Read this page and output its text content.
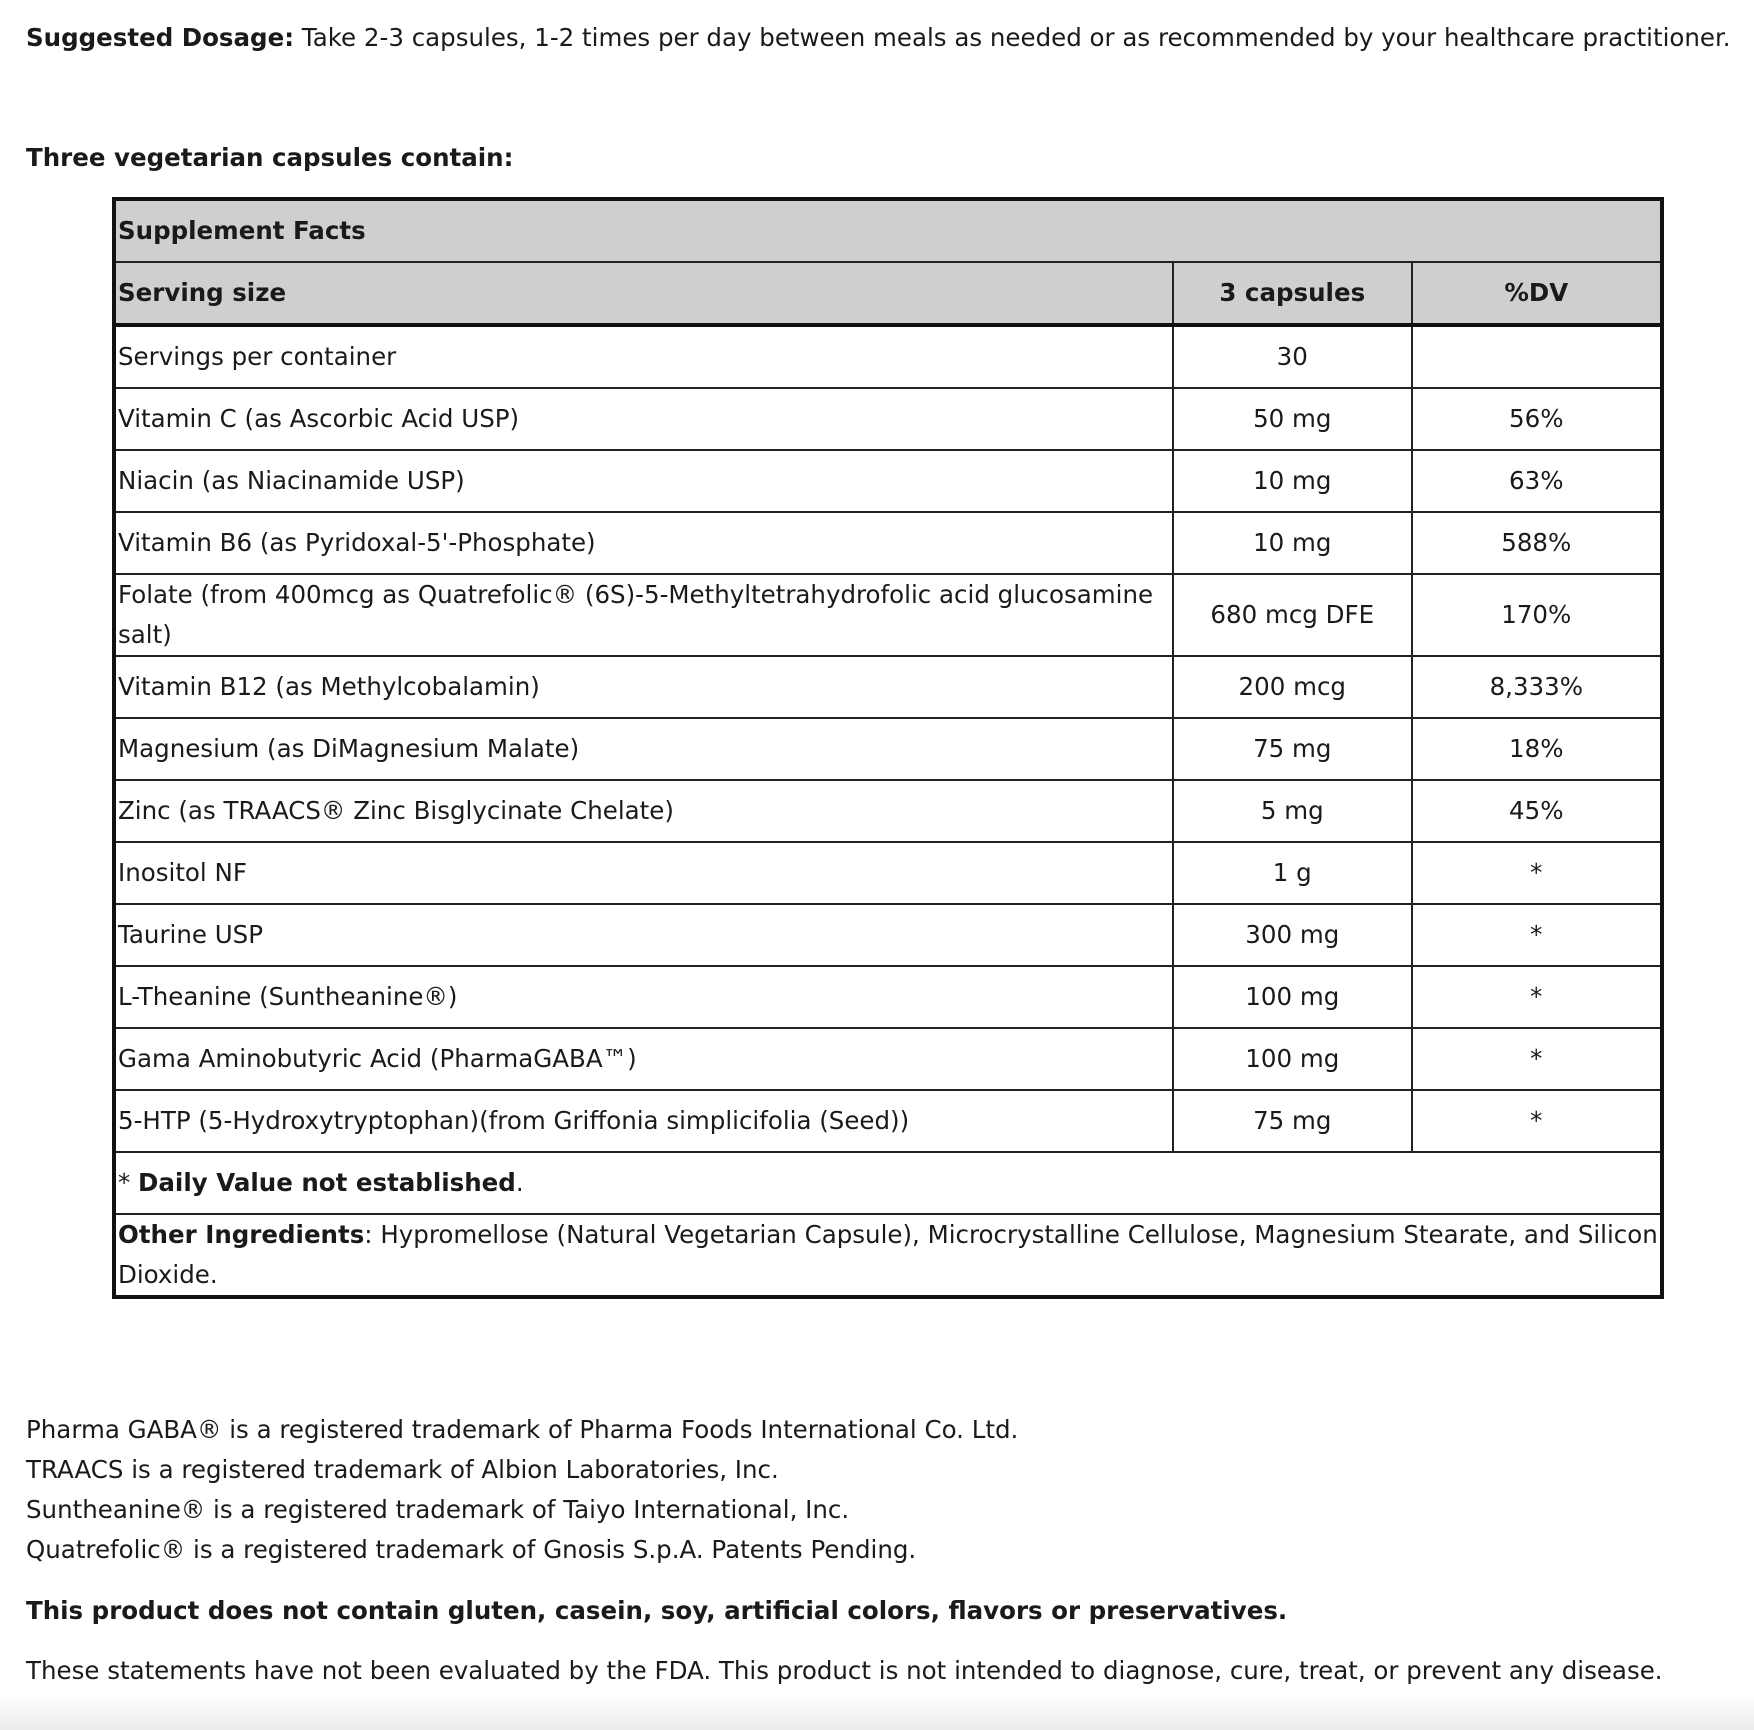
Suggested Dosage: Take 2-3 capsules, 1-2 times per day between meals as needed or as recommended by your healthcare practitioner.
Three vegetarian capsules contain:
Supplement Facts		
Serving size	3 capsules	%DV
Servings per container	30	
Vitamin C (as Ascorbic Acid USP)	50 mg	56%
Niacin (as Niacinamide USP)	10 mg	63%
Vitamin B6 (as Pyridoxal-5'-Phosphate)	10 mg	588%
Folate (from 400mcg as Quatrefolic® (6S)-5-Methyltetrahydrofolic acid glucosamine salt)	680 mcg DFE	170%
Vitamin B12 (as Methylcobalamin)	200 mcg	8,333%
Magnesium (as DiMagnesium Malate)	75 mg	18%
Zinc (as TRAACS® Zinc Bisglycinate Chelate)	5 mg	45%
Inositol NF	1 g	*
Taurine USP	300 mg	*
L-Theanine (Suntheanine®)	100 mg	*
Gama Aminobutyric Acid (PharmaGABA™)	100 mg	*
5-HTP (5-Hydroxytryptophan)(from Griffonia simplicifolia (Seed))	75 mg	*
* Daily Value not established.		
Other Ingredients: Hypromellose (Natural Vegetarian Capsule), Microcrystalline Cellulose, Magnesium Stearate, and Silicon Dioxide.		
Pharma GABA® is a registered trademark of Pharma Foods International Co. Ltd.
TRAACS is a registered trademark of Albion Laboratories, Inc.
Suntheanine® is a registered trademark of Taiyo International, Inc.
Quatrefolic® is a registered trademark of Gnosis S.p.A. Patents Pending.
This product does not contain gluten, casein, soy, artificial colors, flavors or preservatives.
These statements have not been evaluated by the FDA. This product is not intended to diagnose, cure, treat, or prevent any disease.
